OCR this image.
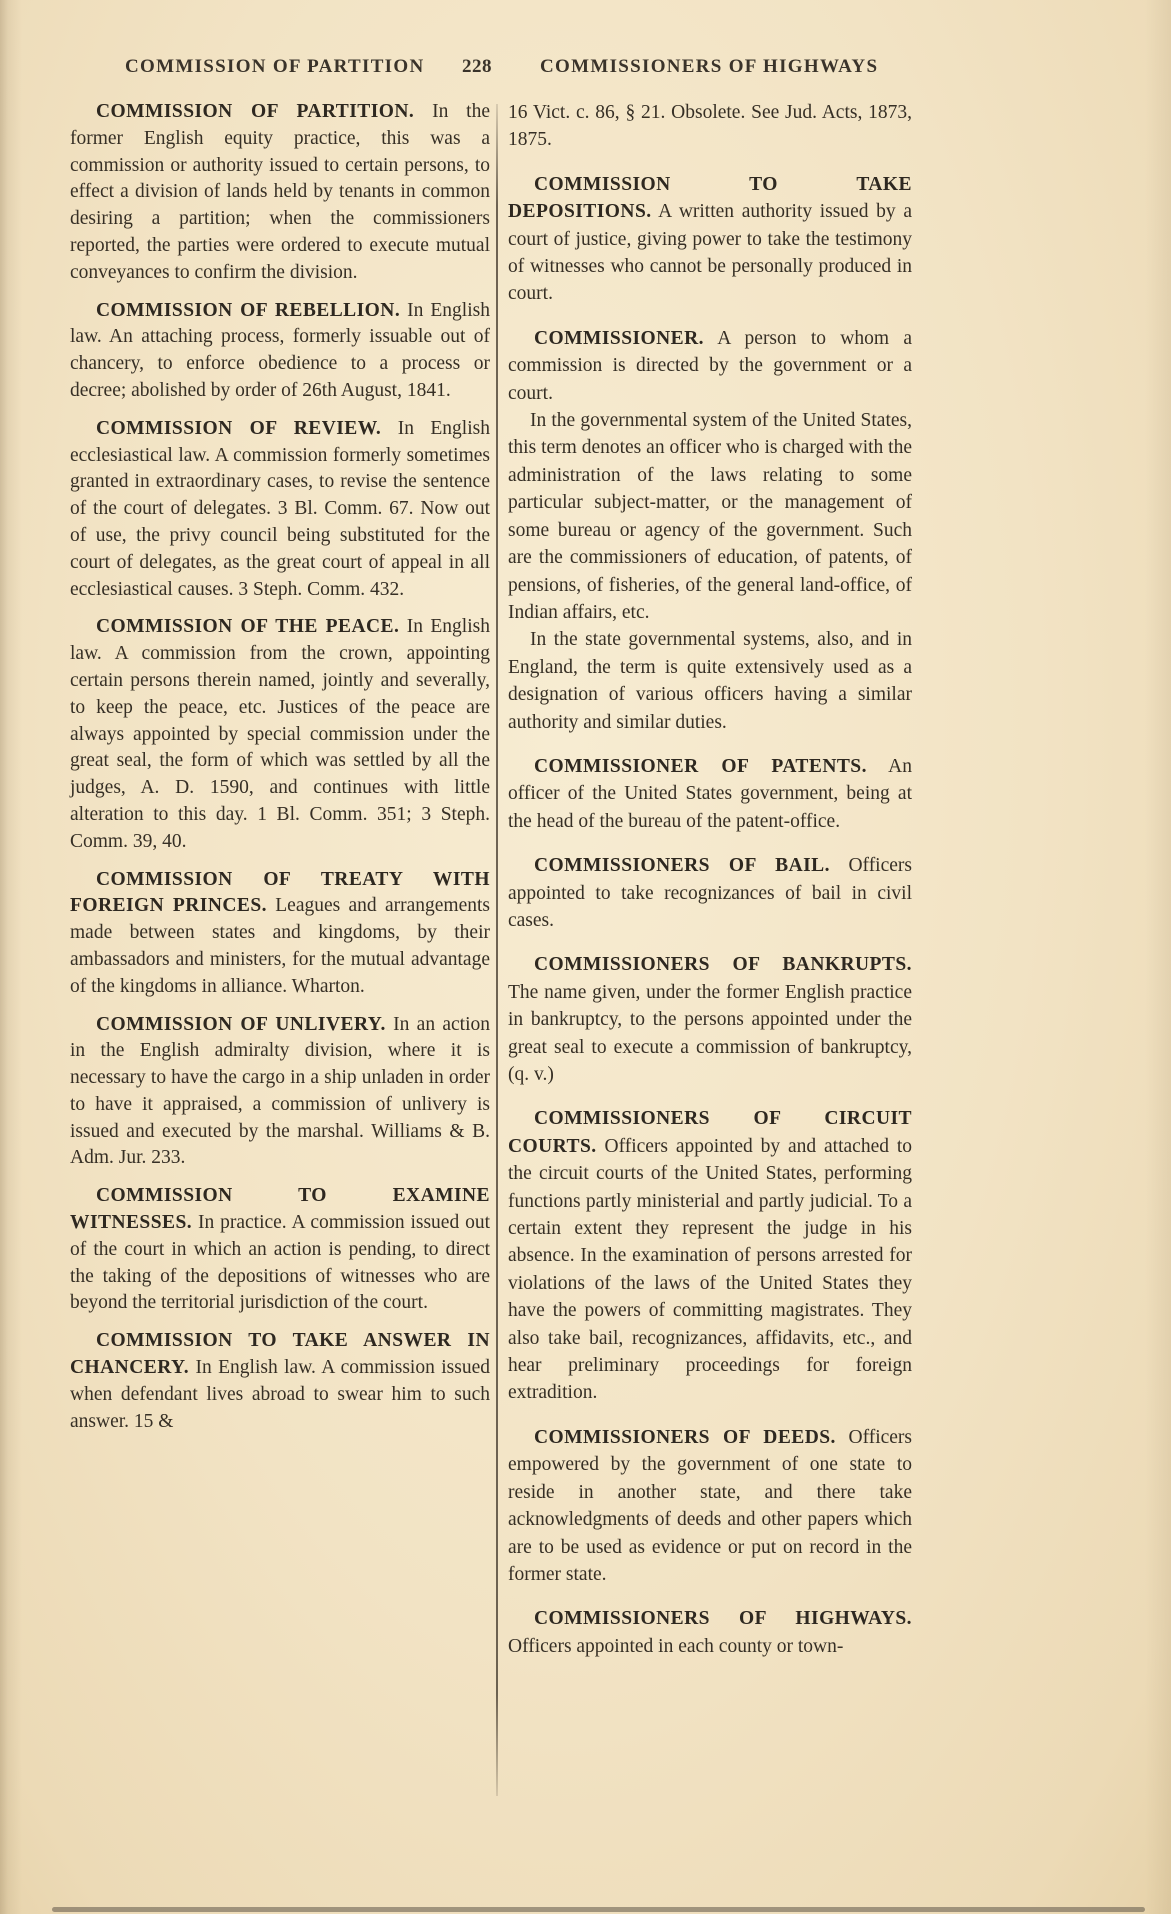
COMMISSION OF PARTITION 228	COMMISSIONERS OF HIGHWAYS

COMMISSION OF PARTITION. In the former English equity practice, this was a commission or authority issued to certain persons, to effect a division of lands held by tenants in common desiring a partition; when the commissioners reported, the parties were ordered to execute mutual conveyances to confirm the division.

COMMISSION OF REBELLION. In English law. An attaching process, formerly issuable out of chancery, to enforce obedience to a process or decree; abolished by order of 26th August, 1841.

COMMISSION OF REVIEW. In English ecclesiastical law. A commission formerly sometimes granted in extraordinary cases, to revise the sentence of the court of delegates. 3 Bl. Comm. 67. Now out of use, the privy council being substituted for the court of delegates, as the great court of appeal in all ecclesiastical causes. 3 Steph. Comm. 432.

COMMISSION OF THE PEACE. In English law. A commission from the crown, appointing certain persons therein named, jointly and severally, to keep the peace, etc. Justices of the peace are always appointed by special commission under the great seal, the form of which was settled by all the judges, A. D. 1590, and continues with little alteration to this day. 1 Bl. Comm. 351; 3 Steph. Comm. 39, 40.

COMMISSION OF TREATY WITH FOREIGN PRINCES. Leagues and arrangements made between states and kingdoms, by their ambassadors and ministers, for the mutual advantage of the kingdoms in alliance. Wharton.

COMMISSION OF UNLIVERY. In an action in the English admiralty division, where it is necessary to have the cargo in a ship unladen in order to have it appraised, a commission of unlivery is issued and executed by the marshal. Williams & B. Adm. Jur. 233.

COMMISSION TO EXAMINE WITNESSES. In practice. A commission issued out of the court in which an action is pending, to direct the taking of the depositions of witnesses who are beyond the territorial jurisdiction of the court.

COMMISSION TO TAKE ANSWER IN CHANCERY. In English law. A commission issued when defendant lives abroad to swear him to such answer. 15 &

16 Vict. c. 86, § 21. Obsolete. See Jud. Acts, 1873, 1875.

COMMISSION TO TAKE DEPOSITIONS. A written authority issued by a court of justice, giving power to take the testimony of witnesses who cannot be personally produced in court.

COMMISSIONER. A person to whom a commission is directed by the government or a court.

In the governmental system of the United States, this term denotes an officer who is charged with the administration of the laws relating to some particular subject-matter, or the management of some bureau or agency of the government. Such are the commissioners of education, of patents, of pensions, of fisheries, of the general land-office, of Indian affairs, etc.

In the state governmental systems, also, and in England, the term is quite extensively used as a designation of various officers having a similar authority and similar duties.

COMMISSIONER OF PATENTS. An officer of the United States government, being at the head of the bureau of the patent-office.

COMMISSIONERS OF BAIL. Officers appointed to take recognizances of bail in civil cases.

COMMISSIONERS OF BANKRUPTS. The name given, under the former English practice in bankruptcy, to the persons appointed under the great seal to execute a commission of bankruptcy, (q. v.)

COMMISSIONERS OF CIRCUIT COURTS. Officers appointed by and attached to the circuit courts of the United States, performing functions partly ministerial and partly judicial. To a certain extent they represent the judge in his absence. In the examination of persons arrested for violations of the laws of the United States they have the powers of committing magistrates. They also take bail, recognizances, affidavits, etc., and hear preliminary proceedings for foreign extradition.

COMMISSIONERS OF DEEDS. Officers empowered by the government of one state to reside in another state, and there take acknowledgments of deeds and other papers which are to be used as evidence or put on record in the former state.

COMMISSIONERS OF HIGHWAYS. Officers appointed in each county or town-
